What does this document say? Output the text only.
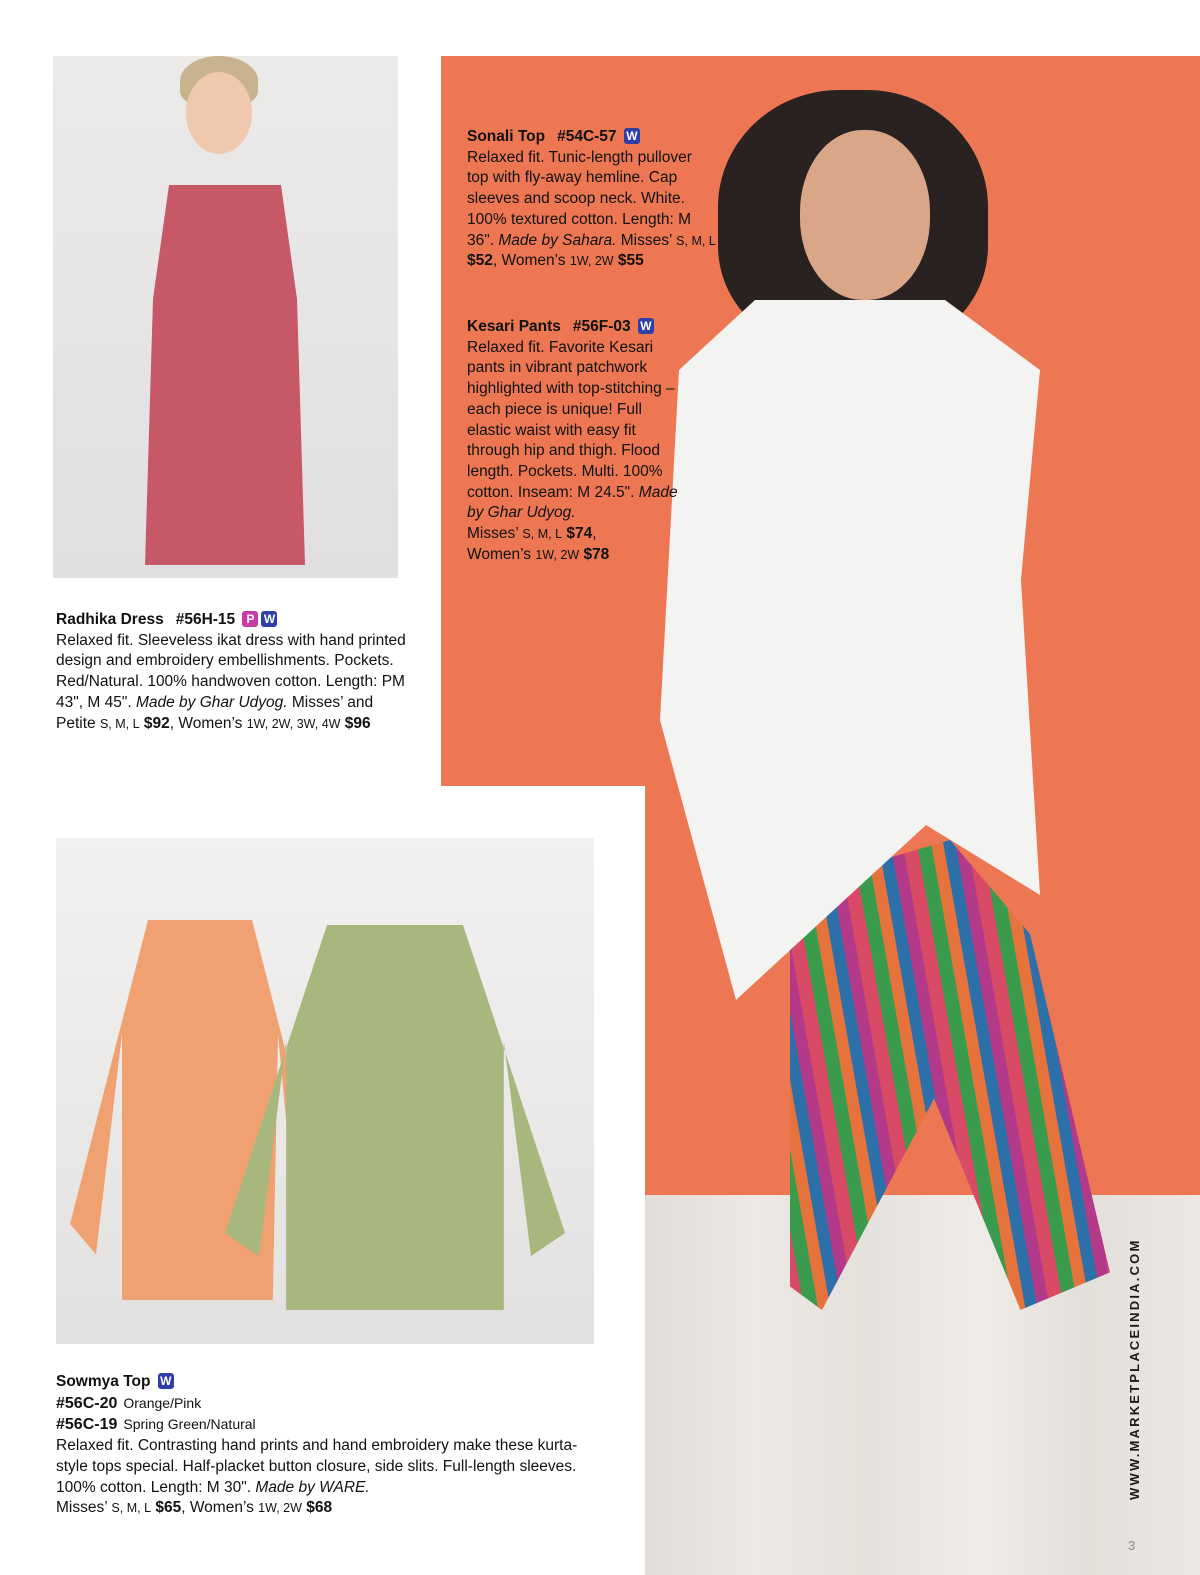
Sonali Top #54C-57 W

Relaxed fit. Tunic-length pullover top with fly-away hemline. Cap sleeves and scoop neck. White. 100% textured cotton. Length: M 36". Made by Sahara. Misses’ S, M, L
$52, Women’s 1W, 2W $55

Kesari Pants #56F-03 W

Relaxed fit. Favorite Kesari pants in vibrant patchwork highlighted with top-stitching – each piece is unique! Full elastic waist with easy fit through hip and thigh. Flood length. Pockets. Multi. 100% cotton. Inseam: M 24.5". Made by Ghar Udyog.
Misses’ S, M, L $74,
Women’s 1W, 2W $78

Radhika Dress #56H-15 P W

Relaxed fit. Sleeveless ikat dress with hand printed design and embroidery embellishments. Pockets. Red/Natural. 100% handwoven cotton. Length: PM 43", M 45". Made by Ghar Udyog. Misses’ and Petite S, M, L $92, Women’s 1W, 2W, 3W, 4W $96

Sowmya Top W

#56C-20 Orange/Pink

#56C-19 Spring Green/Natural

Relaxed fit. Contrasting hand prints and hand embroidery make these kurta-style tops special. Half-placket button closure, side slits. Full-length sleeves. 100% cotton. Length: M 30". Made by WARE.
Misses’ S, M, L $65, Women’s 1W, 2W $68

WWW.MARKETPLACEINDIA.COM
3
